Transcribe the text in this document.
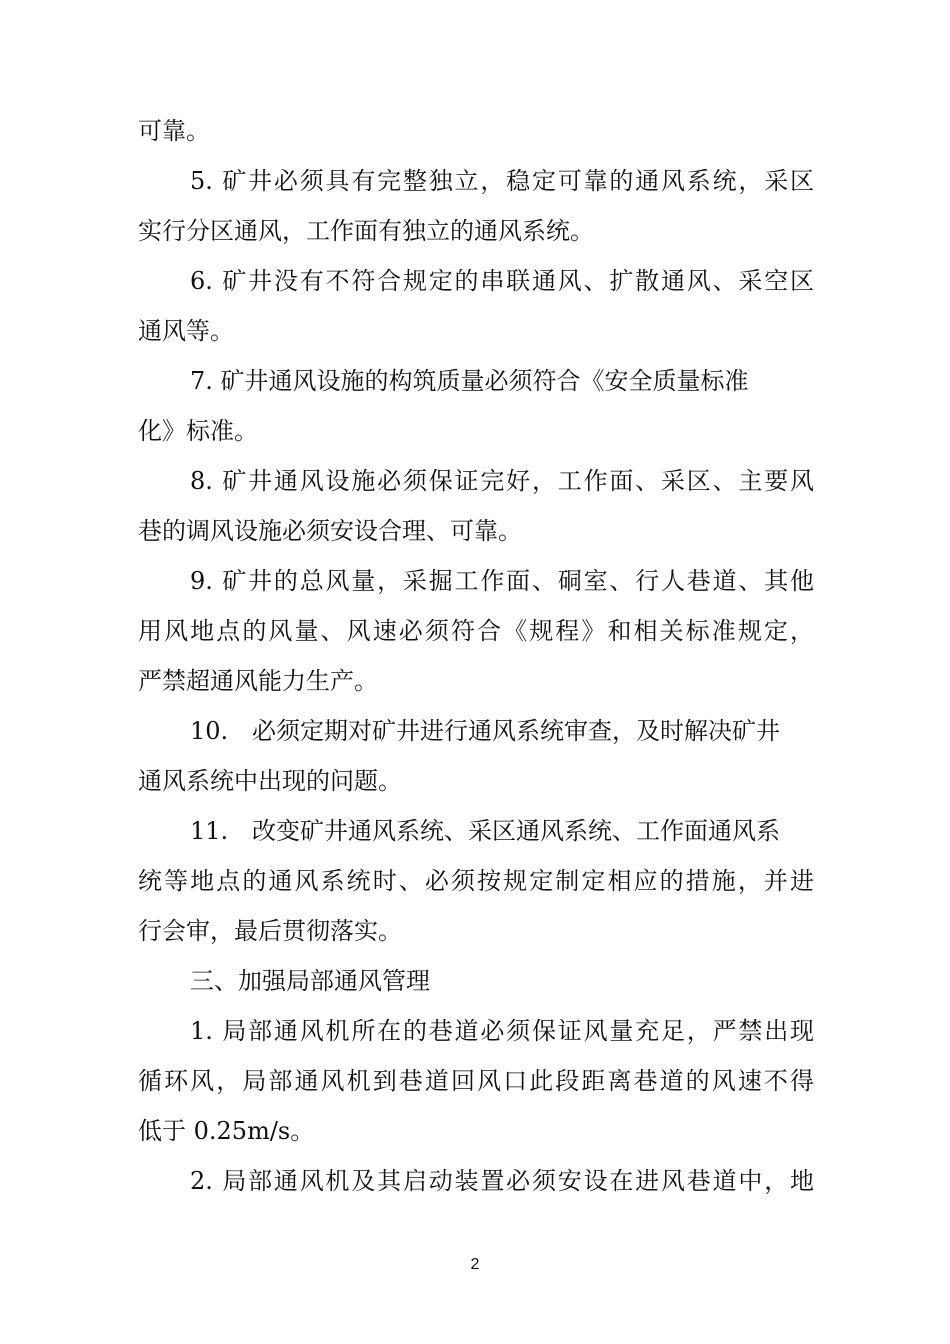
可靠。
5. 矿井必须具有完整独立，稳定可靠的通风系统，采区
实行分区通风，工作面有独立的通风系统。
6. 矿井没有不符合规定的串联通风、扩散通风、采空区
通风等。
7. 矿井通风设施的构筑质量必须符合《安全质量标准
化》标准。
8. 矿井通风设施必须保证完好，工作面、采区、主要风
巷的调风设施必须安设合理、可靠。
9. 矿井的总风量，采掘工作面、硐室、行人巷道、其他
用风地点的风量、风速必须符合《规程》和相关标准规定，
严禁超通风能力生产。
10. 必须定期对矿井进行通风系统审查，及时解决矿井
通风系统中出现的问题。
11. 改变矿井通风系统、采区通风系统、工作面通风系
统等地点的通风系统时、必须按规定制定相应的措施，并进
行会审，最后贯彻落实。
三、加强局部通风管理
1. 局部通风机所在的巷道必须保证风量充足，严禁出现
循环风，局部通风机到巷道回风口此段距离巷道的风速不得
低于 0.25m/s。
2. 局部通风机及其启动装置必须安设在进风巷道中，地
2
